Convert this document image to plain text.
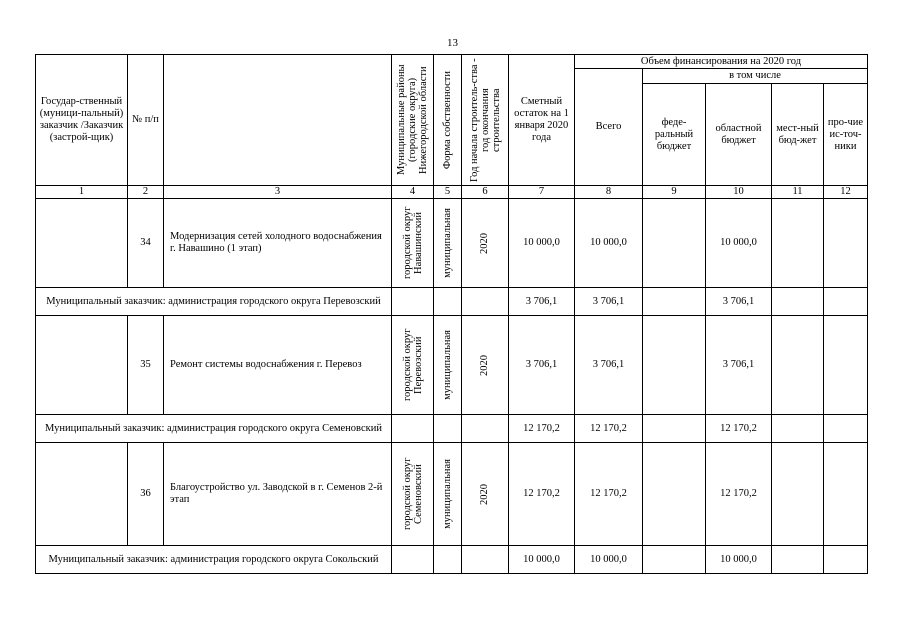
13
Государ-ственный (муници-пальный) заказчик /Заказчик (застрой-щик)	№ п/п		Муниципальные районы (городские округа) Нижегородской области	Форма собственности	Год начала строитель-ства - год окончания строительства	Сметный остаток на 1 января 2020 года	Объем финансирования на 2020 год				
							Всего	в том числе			
								феде-ральный бюджет	областной бюджет	мест-ный бюд-жет	про-чие ис-точ-ники
1	2	3	4	5	6	7	8	9	10	11	12
	34	Модернизация сетей холодного водоснабжения г. Навашино (1 этап)	городской округ Навашинский	муниципальная	2020	10 000,0	10 000,0		10 000,0		
Муниципальный заказчик: администрация городского округа Перевозский						3 706,1	3 706,1		3 706,1		
	35	Ремонт системы водоснабжения г. Перевоз	городской округ Перевозский	муниципальная	2020	3 706,1	3 706,1		3 706,1		
Муниципальный заказчик: администрация городского округа Семеновский						12 170,2	12 170,2		12 170,2		
	36	Благоустройство ул. Заводской в г. Семенов 2-й этап	городской округ Семеновский	муниципальная	2020	12 170,2	12 170,2		12 170,2		
Муниципальный заказчик: администрация городского округа Сокольский						10 000,0	10 000,0		10 000,0		
